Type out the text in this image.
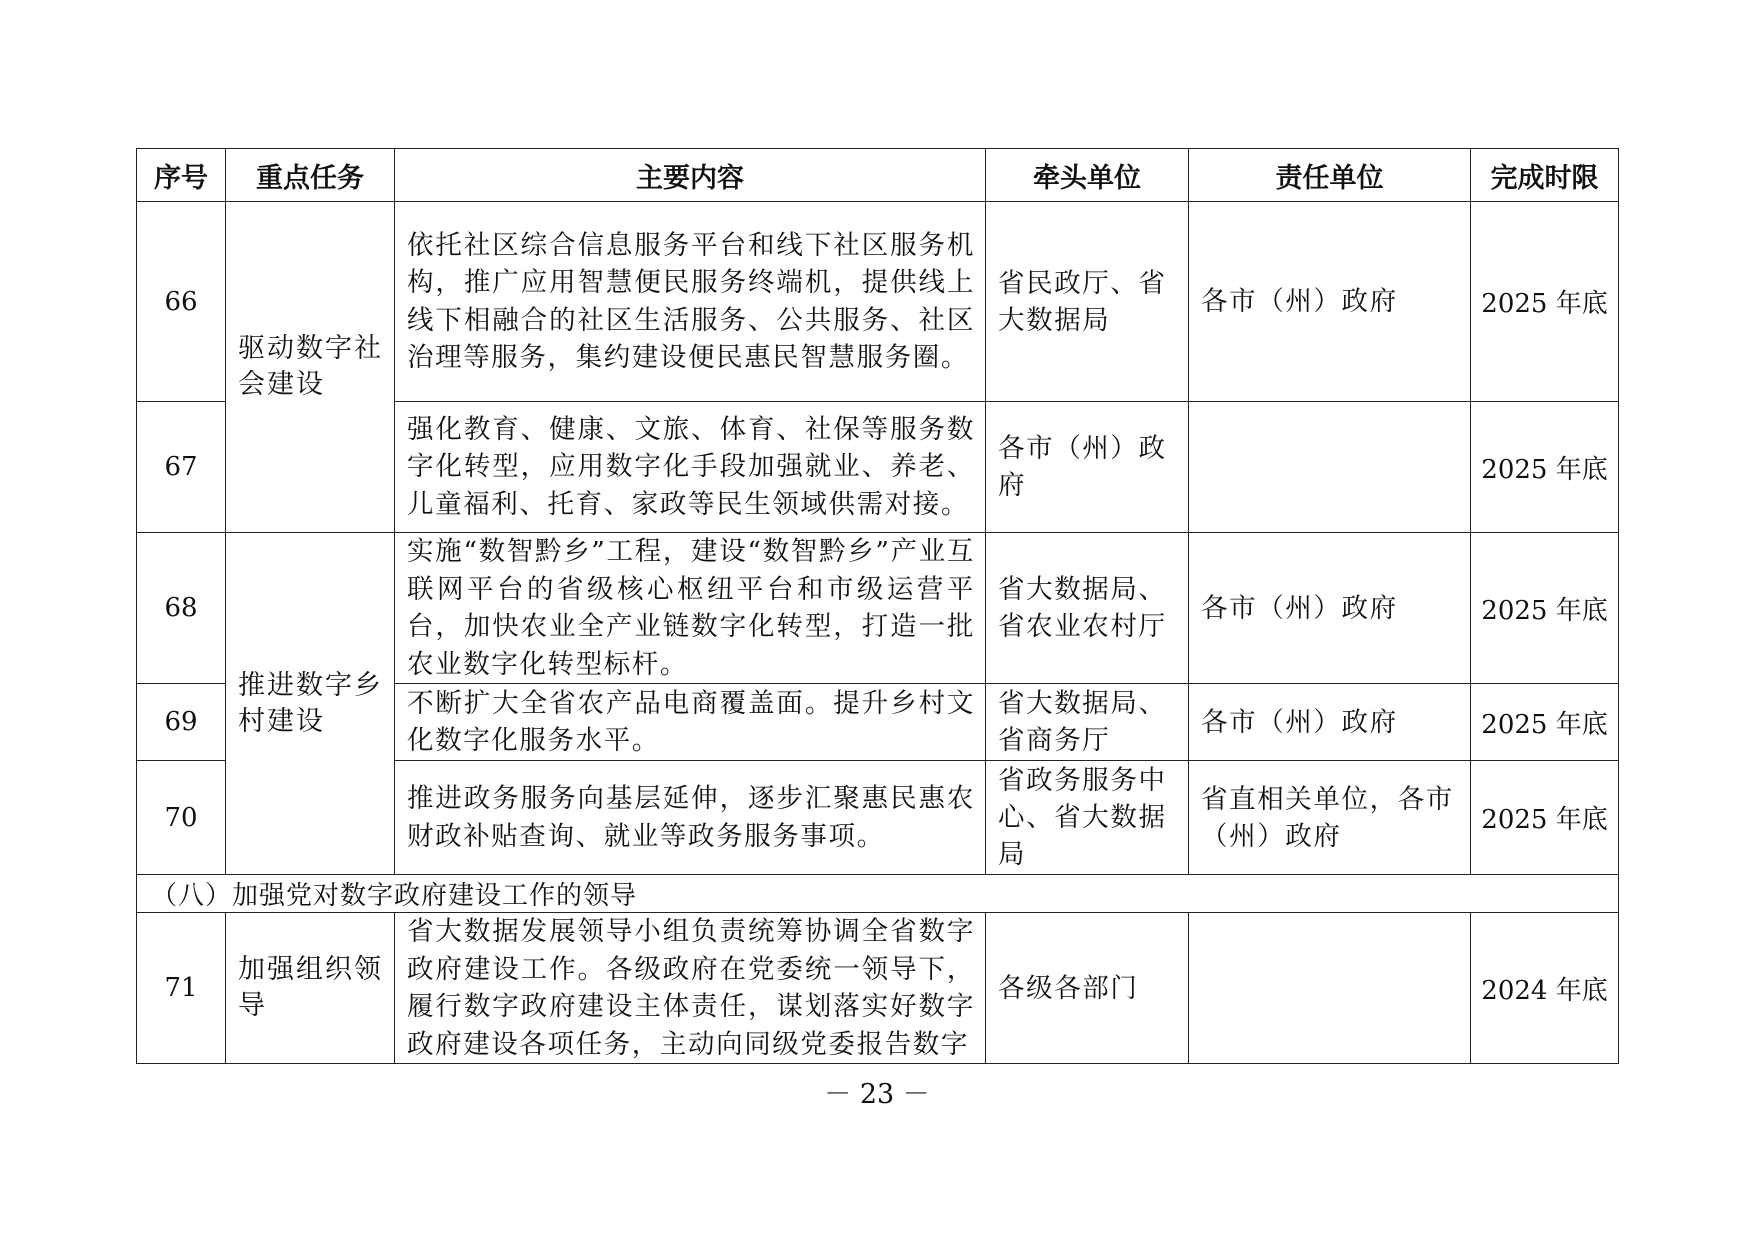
序号	重点任务	主要内容	牵头单位	责任单位	完成时限
66	驱动数字社会建设	依托社区综合信息服务平台和线下社区服务机构，推广应用智慧便民服务终端机，提供线上线下相融合的社区生活服务、公共服务、社区治理等服务，集约建设便民惠民智慧服务圈。	省民政厅、省大数据局	各市（州）政府	2025 年底
67		强化教育、健康、文旅、体育、社保等服务数字化转型，应用数字化手段加强就业、养老、儿童福利、托育、家政等民生领域供需对接。	各市（州）政府		2025 年底
68	推进数字乡村建设	实施“数智黔乡”工程，建设“数智黔乡”产业互联网平台的省级核心枢纽平台和市级运营平台，加快农业全产业链数字化转型，打造一批农业数字化转型标杆。	省大数据局、省农业农村厅	各市（州）政府	2025 年底
69		不断扩大全省农产品电商覆盖面。提升乡村文化数字化服务水平。	省大数据局、省商务厅	各市（州）政府	2025 年底
70		推进政务服务向基层延伸，逐步汇聚惠民惠农财政补贴查询、就业等政务服务事项。	省政务服务中心、省大数据局	省直相关单位，各市（州）政府	2025 年底
（八）加强党对数字政府建设工作的领导					
71	加强组织领导	省大数据发展领导小组负责统筹协调全省数字政府建设工作。各级政府在党委统一领导下，履行数字政府建设主体责任，谋划落实好数字政府建设各项任务，主动向同级党委报告数字	各级各部门		2024 年底
－ 23 －
